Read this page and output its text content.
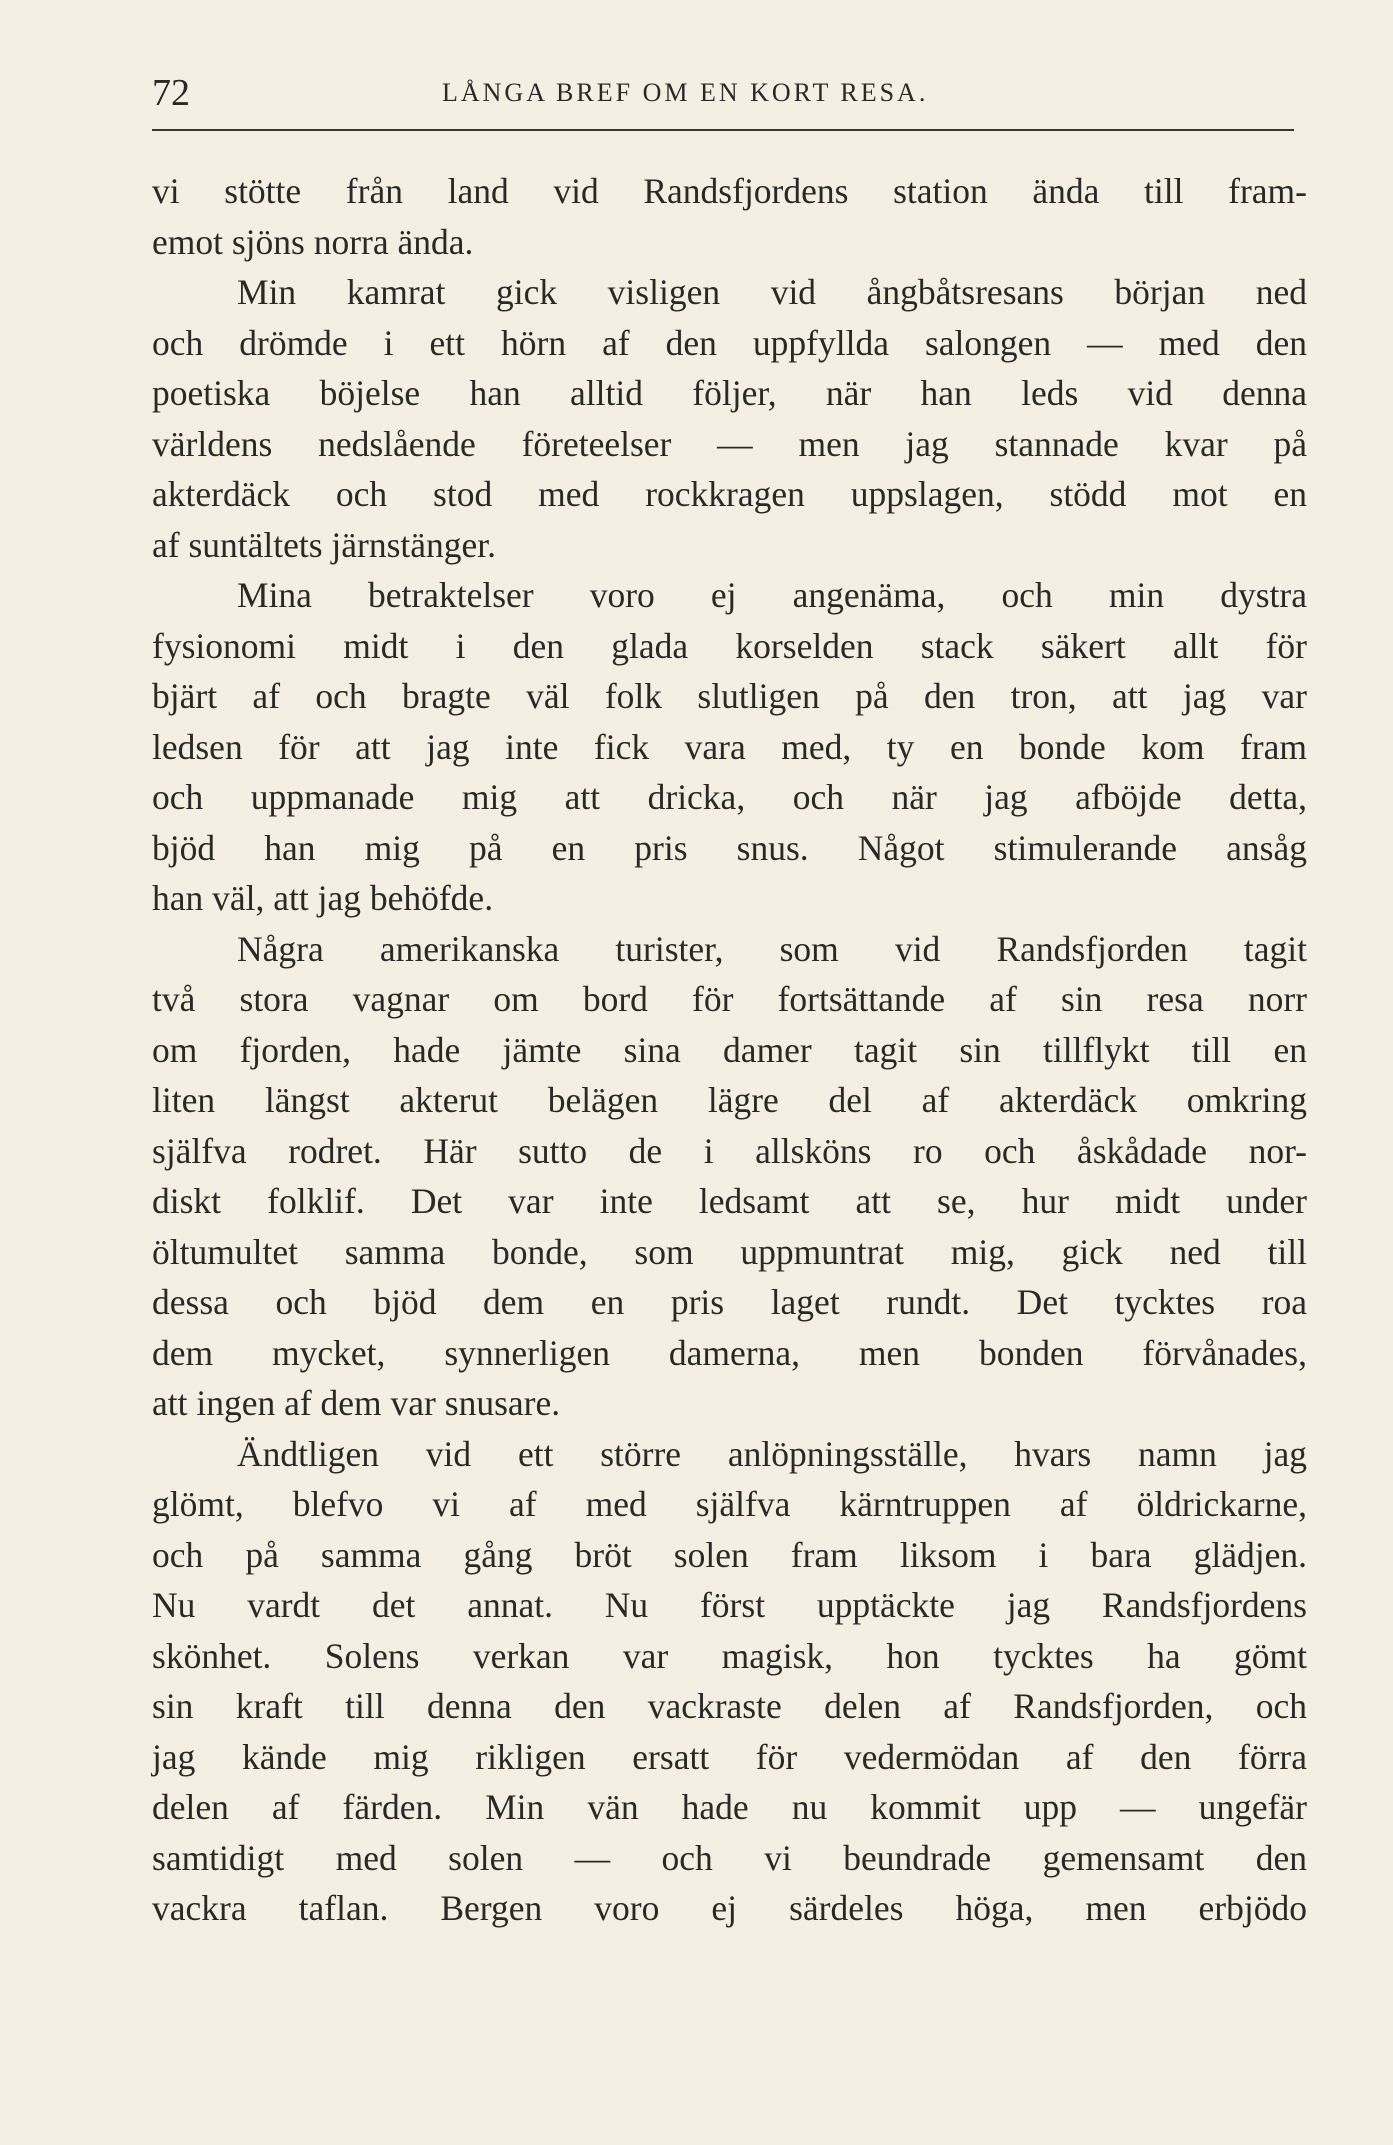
72	LÅNGA BREF OM EN KORT RESA.
vi stötte från land vid Randsfjordens station ända till fram-
emot sjöns norra ända.
Min kamrat gick visligen vid ångbåtsresans början ned
och drömde i ett hörn af den uppfyllda salongen — med den
poetiska böjelse han alltid följer, när han leds vid denna
världens nedslående företeelser — men jag stannade kvar på
akterdäck och stod med rockkragen uppslagen, stödd mot en
af suntältets järnstänger.
Mina betraktelser voro ej angenäma, och min dystra
fysionomi midt i den glada korselden stack säkert allt för
bjärt af och bragte väl folk slutligen på den tron, att jag var
ledsen för att jag inte fick vara med, ty en bonde kom fram
och uppmanade mig att dricka, och när jag afböjde detta,
bjöd han mig på en pris snus. Något stimulerande ansåg
han väl, att jag behöfde.
Några amerikanska turister, som vid Randsfjorden tagit
två stora vagnar om bord för fortsättande af sin resa norr
om fjorden, hade jämte sina damer tagit sin tillflykt till en
liten längst akterut belägen lägre del af akterdäck omkring
själfva rodret. Här sutto de i allsköns ro och åskådade nor-
diskt folklif. Det var inte ledsamt att se, hur midt under
öltumultet samma bonde, som uppmuntrat mig, gick ned till
dessa och bjöd dem en pris laget rundt. Det tycktes roa
dem mycket, synnerligen damerna, men bonden förvånades,
att ingen af dem var snusare.
Ändtligen vid ett större anlöpningsställe, hvars namn jag
glömt, blefvo vi af med själfva kärntruppen af öldrickarne,
och på samma gång bröt solen fram liksom i bara glädjen.
Nu vardt det annat. Nu först upptäckte jag Randsfjordens
skönhet. Solens verkan var magisk, hon tycktes ha gömt
sin kraft till denna den vackraste delen af Randsfjorden, och
jag kände mig rikligen ersatt för vedermödan af den förra
delen af färden. Min vän hade nu kommit upp — ungefär
samtidigt med solen — och vi beundrade gemensamt den
vackra taflan. Bergen voro ej särdeles höga, men erbjödo
